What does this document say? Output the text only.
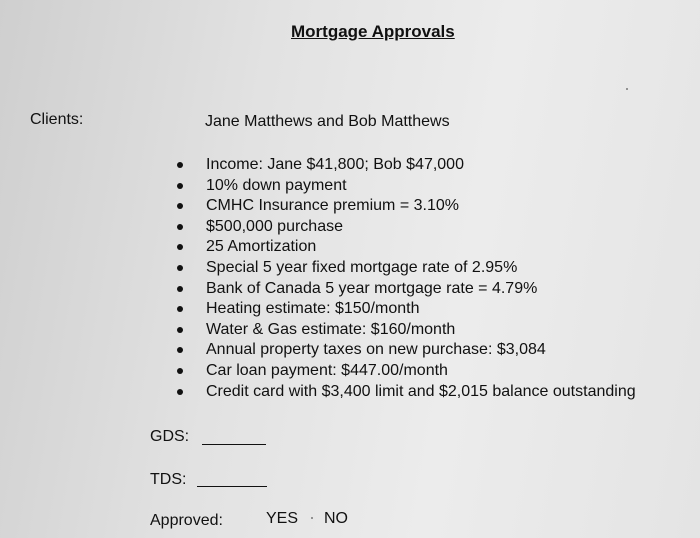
Mortgage Approvals
Clients:	Jane Matthews and Bob Matthews
Income: Jane $41,800; Bob $47,000
10% down payment
CMHC Insurance premium = 3.10%
$500,000 purchase
25 Amortization
Special 5 year fixed mortgage rate of 2.95%
Bank of Canada 5 year mortgage rate = 4.79%
Heating estimate: $150/month
Water & Gas estimate: $160/month
Annual property taxes on new purchase: $3,084
Car loan payment: $447.00/month
Credit card with $3,400 limit and $2,015 balance outstanding
GDS:
TDS:
Approved:	YES NO
